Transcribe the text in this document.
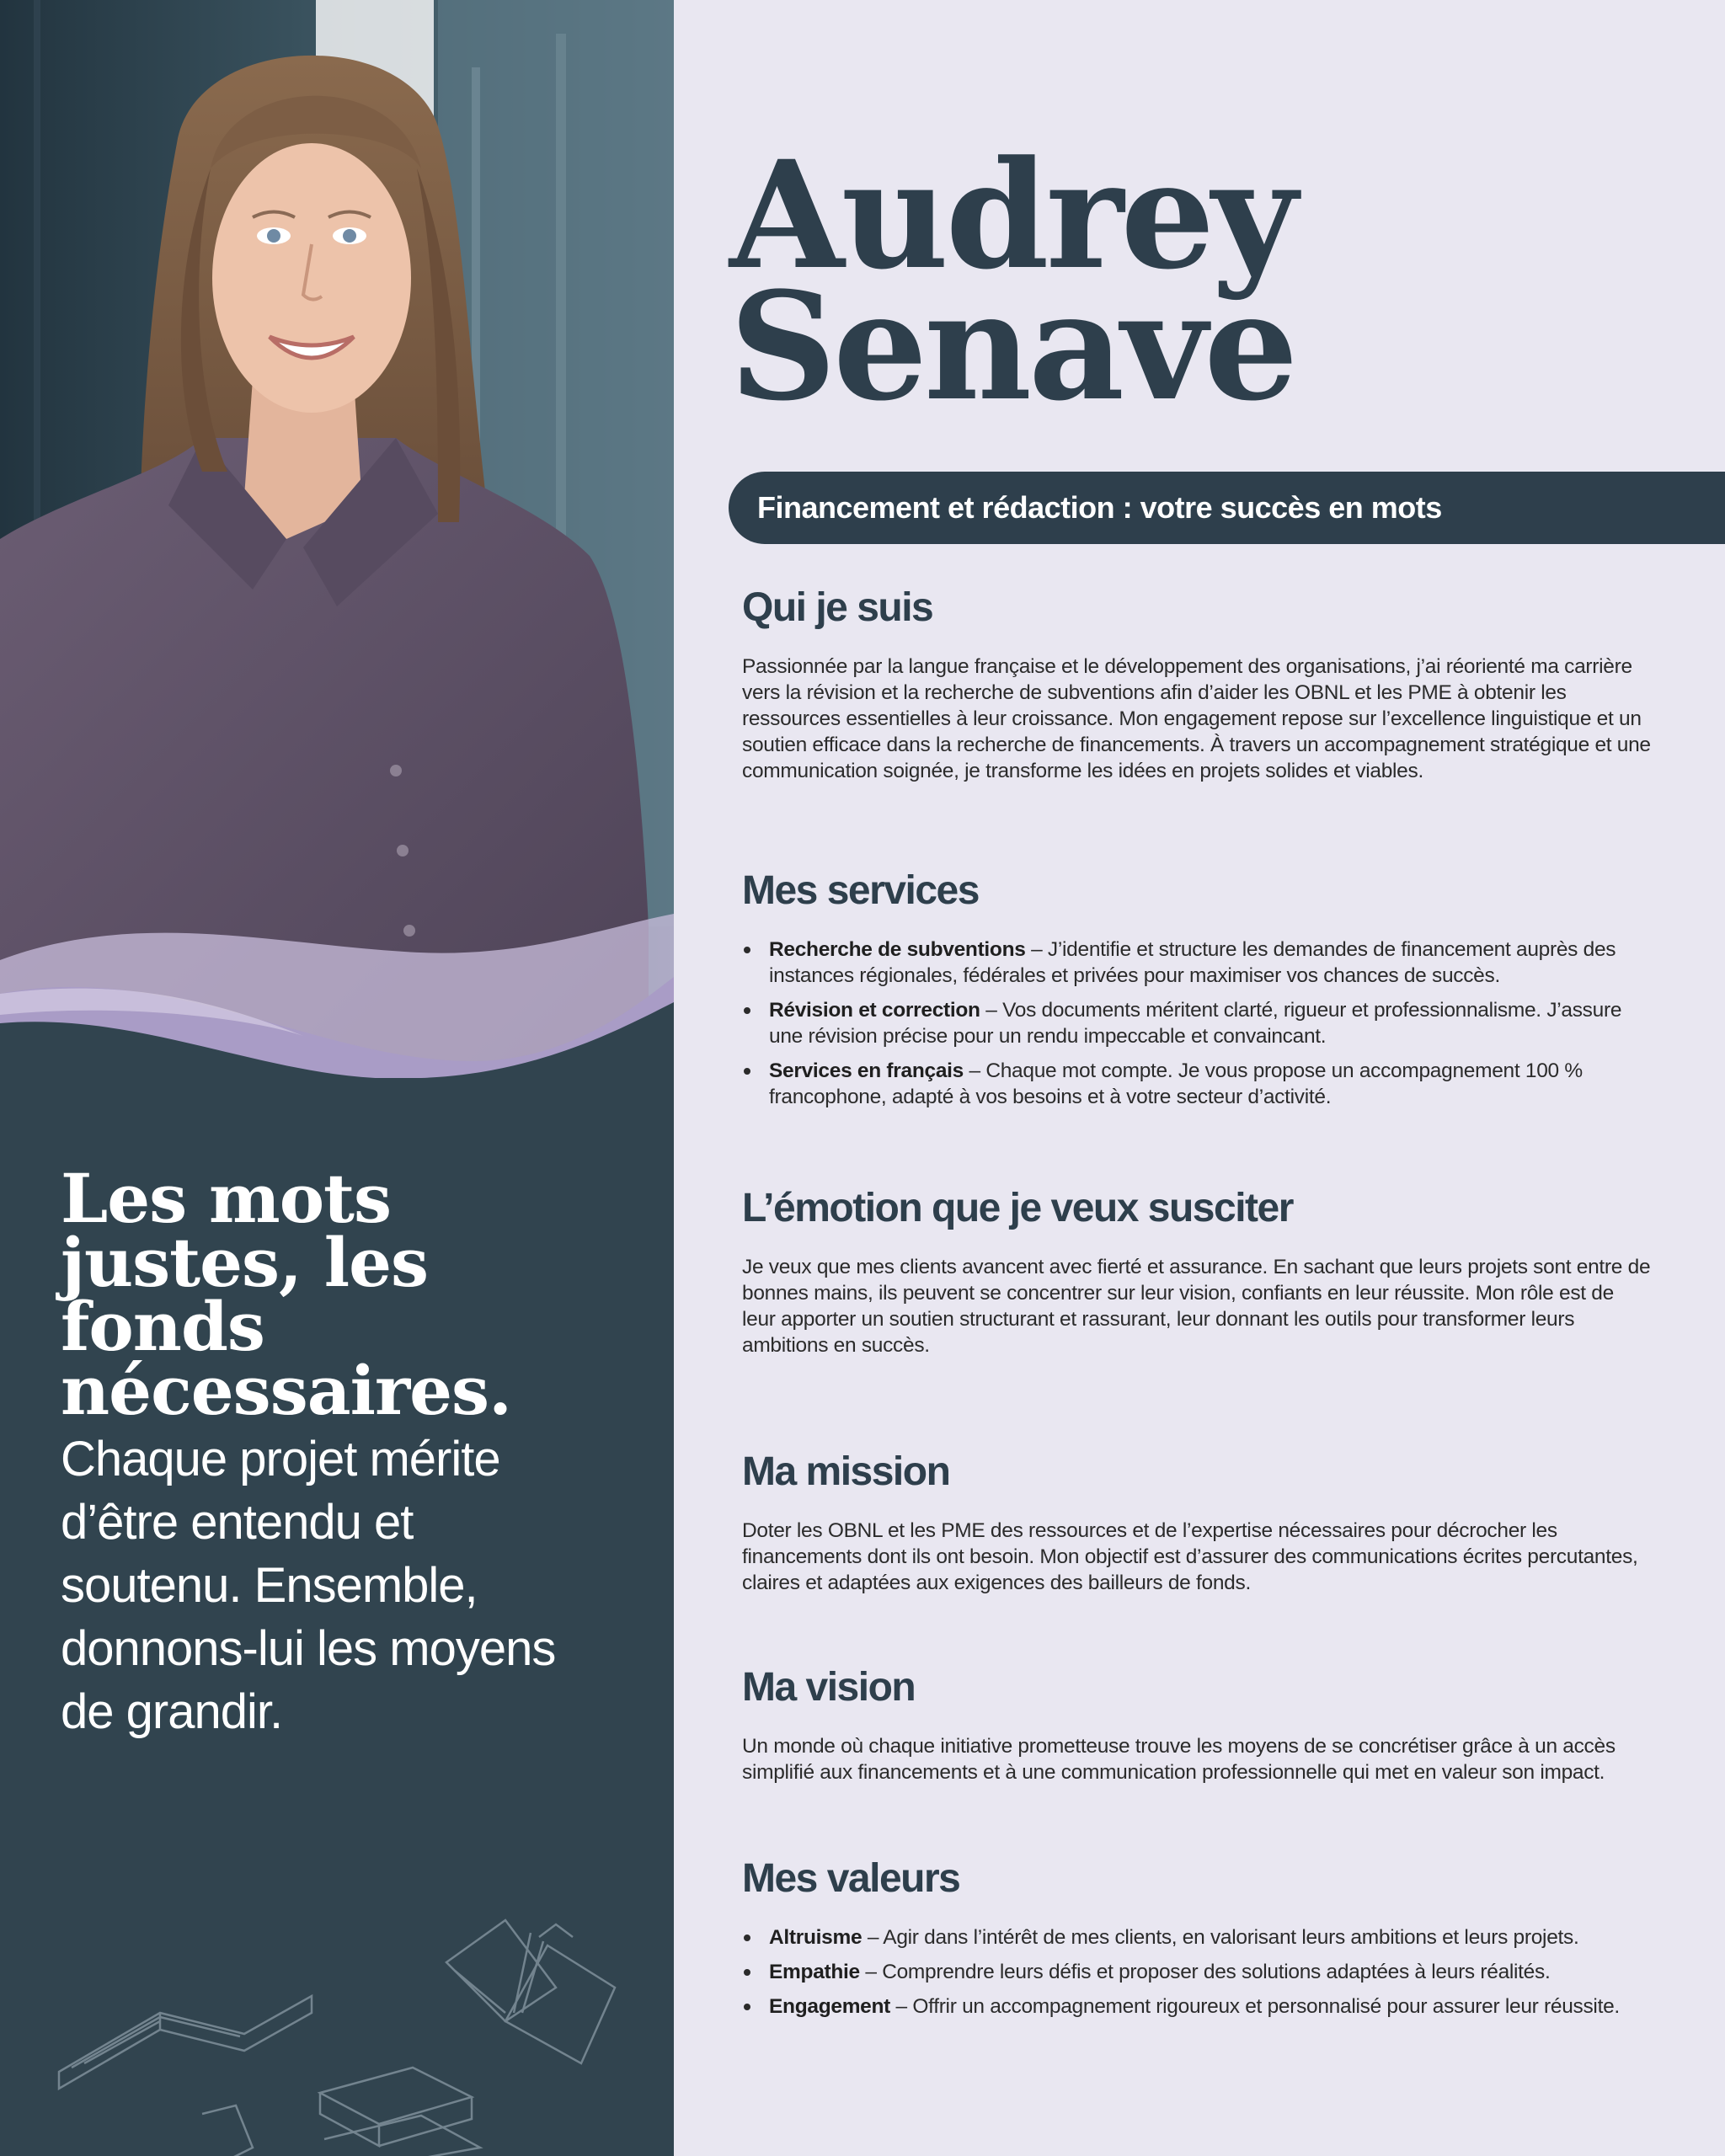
Les mots justes, les fonds nécessaires.

Chaque projet mérite d’être entendu et soutenu. Ensemble, donnons-lui les moyens de grandir.

Audrey
Senave
Financement et rédaction : votre succès en mots
Qui je suis

Passionnée par la langue française et le développement des organisations, j’ai réorienté ma carrière vers la révision et la recherche de subventions afin d’aider les OBNL et les PME à obtenir les ressources essentielles à leur croissance. Mon engagement repose sur l’excellence linguistique et un soutien efficace dans la recherche de financements. À travers un accompagnement stratégique et une communication soignée, je transforme les idées en projets solides et viables.

Mes services
Recherche de subventions – J’identifie et structure les demandes de financement auprès des instances régionales, fédérales et privées pour maximiser vos chances de succès.
Révision et correction – Vos documents méritent clarté, rigueur et professionnalisme. J’assure une révision précise pour un rendu impeccable et convaincant.
Services en français – Chaque mot compte. Je vous propose un accompagnement 100 % francophone, adapté à vos besoins et à votre secteur d’activité.
L’émotion que je veux susciter

Je veux que mes clients avancent avec fierté et assurance. En sachant que leurs projets sont entre de bonnes mains, ils peuvent se concentrer sur leur vision, confiants en leur réussite. Mon rôle est de leur apporter un soutien structurant et rassurant, leur donnant les outils pour transformer leurs ambitions en succès.

Ma mission

Doter les OBNL et les PME des ressources et de l’expertise nécessaires pour décrocher les financements dont ils ont besoin. Mon objectif est d’assurer des communications écrites percutantes, claires et adaptées aux exigences des bailleurs de fonds.

Ma vision

Un monde où chaque initiative prometteuse trouve les moyens de se concrétiser grâce à un accès simplifié aux financements et à une communication professionnelle qui met en valeur son impact.

Mes valeurs
Altruisme – Agir dans l’intérêt de mes clients, en valorisant leurs ambitions et leurs projets.
Empathie – Comprendre leurs défis et proposer des solutions adaptées à leurs réalités.
Engagement – Offrir un accompagnement rigoureux et personnalisé pour assurer leur réussite.
